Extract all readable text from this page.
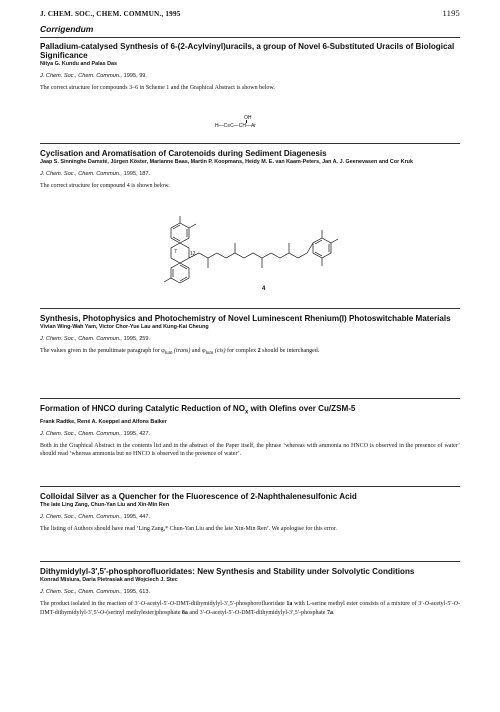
J. CHEM. SOC., CHEM. COMMUN., 1995	1195
Corrigendum
Palladium-catalysed Synthesis of 6-(2-Acylvinyl)uracils, a group of Novel 6-Substituted Uracils of Biological Significance
Nitya G. Kundu and Palas Das
J. Chem. Soc., Chem. Commun., 1995, 99.
The correct structure for compounds 3–6 in Scheme 1 and the Graphical Abstract is shown below.
OH
H—C≡C—CH—Ar
Cyclisation and Aromatisation of Carotenoids during Sediment Diagenesis
Jaap S. Sinninghe Damsté, Jürgen Köster, Marianne Baas, Martin P. Koopmans, Heidy M. E. van Kaam-Peters, Jan A. J. Geenevasen and Cor Kruk
J. Chem. Soc., Chem. Commun., 1995, 187.
The correct structure for compound 4 is shown below.
7	12
4
Synthesis, Photophysics and Photochemistry of Novel Luminescent Rhenium(I) Photoswitchable Materials
Vivian Wing-Wah Yam, Victor Chor-Yue Lau and Kung-Kai Cheung
J. Chem. Soc., Chem. Commun., 1995, 259.
The values given in the penultimate paragraph for $\varphi_{lum}$ (trans) and $\varphi_{lum}$ (cis) for complex 2 should be interchanged.
Formation of HNCO during Catalytic Reduction of $NO_x$ with Olefins over Cu/ZSM-5
Frank Radtke, René A. Koeppel and Alfons Baiker
J. Chem. Soc., Chem. Commun., 1995, 427.
Both in the Graphical Abstract in the contents list and in the abstract of the Paper itself, the phrase ‘whereas with ammonia no HNCO is observed in the presence of water’ should read ‘whereas ammonia but no HNCO is observed in the presence of water’.
Colloidal Silver as a Quencher for the Fluorescence of 2-Naphthalenesulfonic Acid
The late Ling Zang, Chun-Yan Liu and Xin-Min Ren
J. Chem. Soc., Chem. Commun., 1995, 447.
The listing of Authors should have read ‘Ling Zang,* Chun-Yan Liu and the late Xin-Min Ren’. We apologise for this error.
Dithymidylyl-3′,5′-phosphorofluoridates: New Synthesis and Stability under Solvolytic Conditions
Konrad Misiura, Daria Pietrasiak and Wojciech J. Stec
J. Chem. Soc., Chem. Commun., 1995, 613.
The product isolated in the reaction of 3′-O-acetyl-5′-O-DMT-dithymidylyl-3′,5′-phosphorofluoridate 1a with L-serine methyl ester consists of a mixture of 3′-O-acetyl-5′-O-DMT-dithymidylyl-3′,5′-O-(serinyl methylester)phosphate 8a and 3′-O-acetyl-5′-O-DMT-dithymidylyl-3′,5′-phosphate 7a.
